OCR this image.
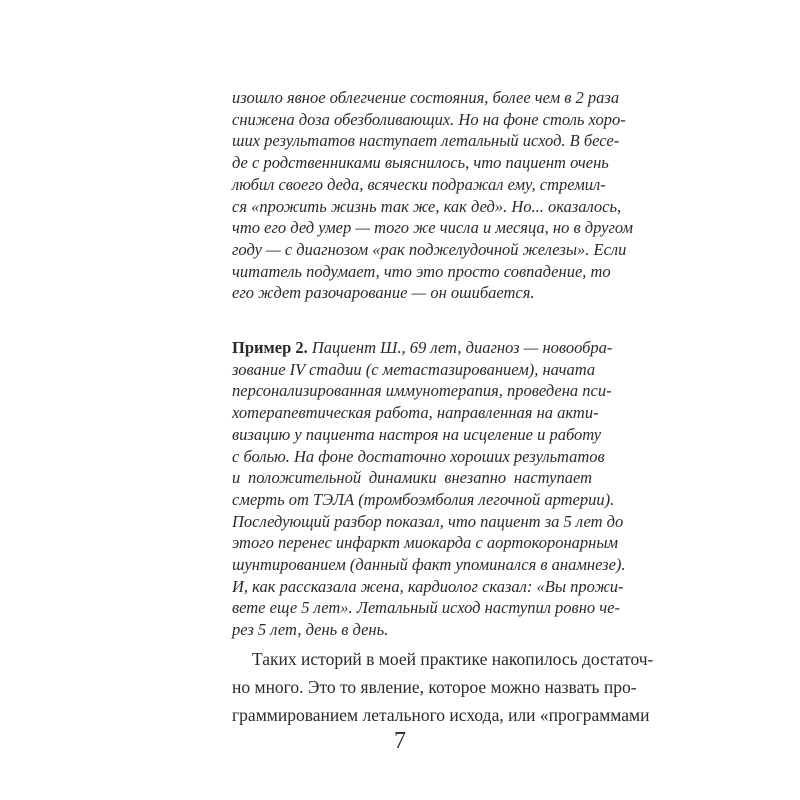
изошло явное облегчение состояния, более чем в 2 раза
снижена доза обезболивающих. Но на фоне столь хоро-
ших результатов наступает летальный исход. В бесе-
де с родственниками выяснилось, что пациент очень
любил своего деда, всячески подражал ему, стремил-
ся «прожить жизнь так же, как дед». Но... оказалось,
что его дед умер — того же числа и месяца, но в другом
году — с диагнозом «рак поджелудочной железы». Если
читатель подумает, что это просто совпадение, то
его ждет разочарование — он ошибается.
Пример 2. Пациент Ш., 69 лет, диагноз — новообра-
зование IV стадии (с метастазированием), начата
персонализированная иммунотерапия, проведена пси-
хотерапевтическая работа, направленная на акти-
визацию у пациента настроя на исцеление и работу
с болью. На фоне достаточно хороших результатов
и положительной динамики внезапно наступает
смерть от ТЭЛА (тромбоэмболия легочной артерии).
Последующий разбор показал, что пациент за 5 лет до
этого перенес инфаркт миокарда с аортокоронарным
шунтированием (данный факт упоминался в анамнезе).
И, как рассказала жена, кардиолог сказал: «Вы прожи-
вете еще 5 лет». Летальный исход наступил ровно че-
рез 5 лет, день в день.
Таких историй в моей практике накопилось достаточ-
но много. Это то явление, которое можно назвать про-
граммированием летального исхода, или «программами
7
